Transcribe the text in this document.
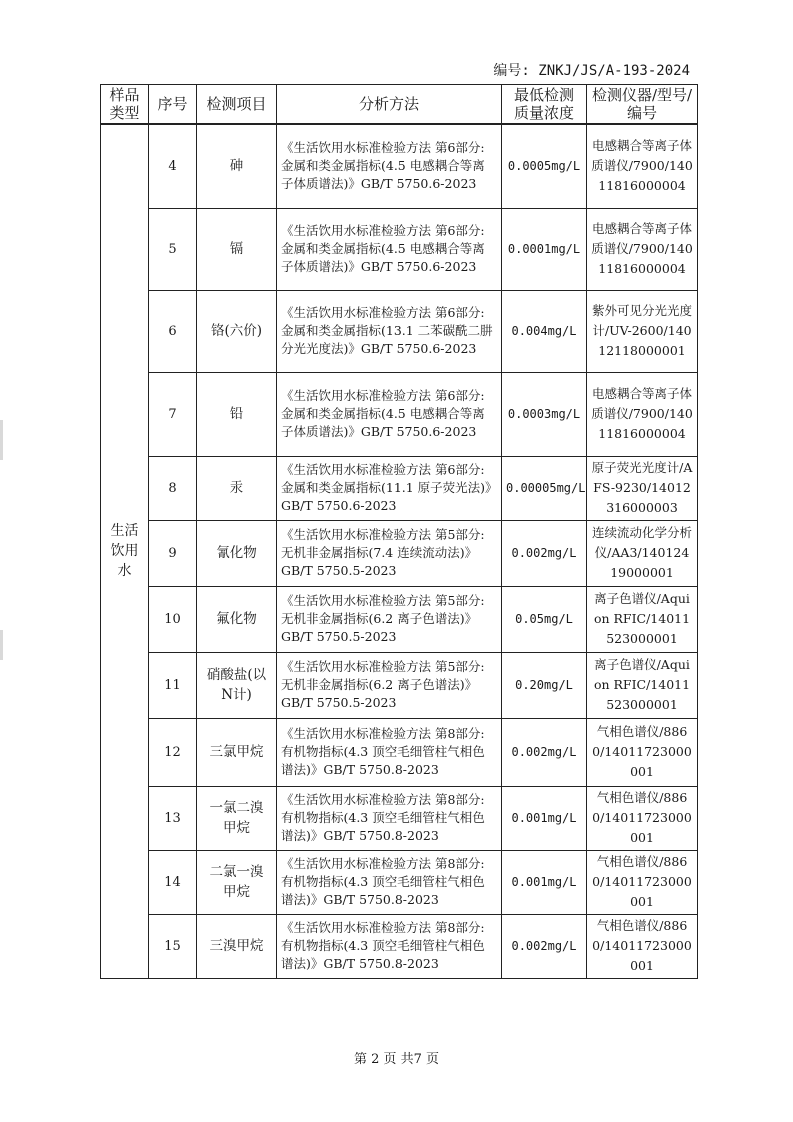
编号: ZNKJ/JS/A-193-2024
样品类型	序号	检测项目	分析方法	最低检测质量浓度	检测仪器/型号/编号

生活饮用水	4	砷	《生活饮用水标准检验方法 第6部分:金属和类金属指标(4.5 电感耦合等离子体质谱法)》GB/T 5750.6-2023	0.0005mg/L	电感耦合等离子体质谱仪/7900/14011816000004

	5	镉	《生活饮用水标准检验方法 第6部分:金属和类金属指标(4.5 电感耦合等离子体质谱法)》GB/T 5750.6-2023	0.0001mg/L	电感耦合等离子体质谱仪/7900/14011816000004

	6	铬(六价)	《生活饮用水标准检验方法 第6部分:金属和类金属指标(13.1 二苯碳酰二肼分光光度法)》GB/T 5750.6-2023	0.004mg/L	紫外可见分光光度计/UV-2600/14012118000001

	7	铅	《生活饮用水标准检验方法 第6部分:金属和类金属指标(4.5 电感耦合等离子体质谱法)》GB/T 5750.6-2023	0.0003mg/L	电感耦合等离子体质谱仪/7900/14011816000004

	8	汞	《生活饮用水标准检验方法 第6部分:金属和类金属指标(11.1 原子荧光法)》GB/T 5750.6-2023	0.00005mg/L	原子荧光光度计/AFS-9230/14012316000003

	9	氰化物	《生活饮用水标准检验方法 第5部分:无机非金属指标(7.4 连续流动法)》GB/T 5750.5-2023	0.002mg/L	连续流动化学分析仪/AA3/14012419000001

	10	氟化物	《生活饮用水标准检验方法 第5部分:无机非金属指标(6.2 离子色谱法)》GB/T 5750.5-2023	0.05mg/L	离子色谱仪/Aquion RFIC/14011523000001

	11	硝酸盐(以N计)	《生活饮用水标准检验方法 第5部分:无机非金属指标(6.2 离子色谱法)》GB/T 5750.5-2023	0.20mg/L	离子色谱仪/Aquion RFIC/14011523000001

	12	三氯甲烷	《生活饮用水标准检验方法 第8部分:有机物指标(4.3 顶空毛细管柱气相色谱法)》GB/T 5750.8-2023	0.002mg/L	气相色谱仪/8860/14011723000001

	13	一氯二溴甲烷	《生活饮用水标准检验方法 第8部分:有机物指标(4.3 顶空毛细管柱气相色谱法)》GB/T 5750.8-2023	0.001mg/L	气相色谱仪/8860/14011723000001

	14	二氯一溴甲烷	《生活饮用水标准检验方法 第8部分:有机物指标(4.3 顶空毛细管柱气相色谱法)》GB/T 5750.8-2023	0.001mg/L	气相色谱仪/8860/14011723000001

	15	三溴甲烷	《生活饮用水标准检验方法 第8部分:有机物指标(4.3 顶空毛细管柱气相色谱法)》GB/T 5750.8-2023	0.002mg/L	气相色谱仪/8860/14011723000001
第 2 页 共7 页
